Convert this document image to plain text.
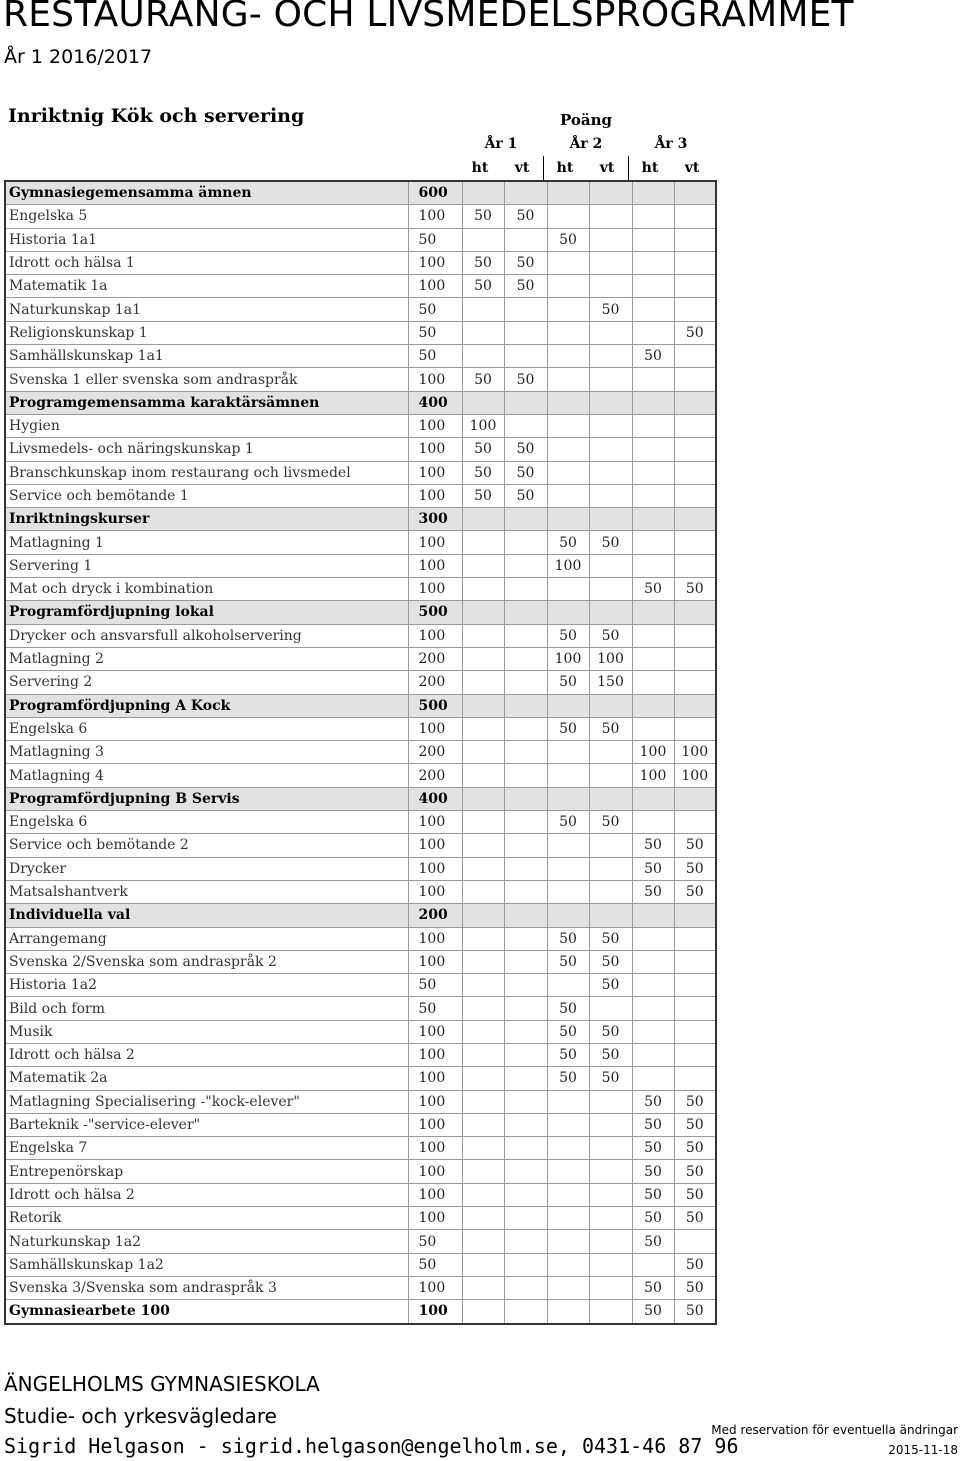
RESTAURANG- OCH LIVSMEDELSPROGRAMMET
År 1 2016/2017
Inriktnig Kök och servering	Poäng
År 1	År 2	År 3
ht vt ht vt ht vt
Gymnasiegemensamma ämnen	600						
Engelska 5	100	50	50				
Historia 1a1	50			50			
Idrott och hälsa 1	100	50	50				
Matematik 1a	100	50	50				
Naturkunskap 1a1	50				50		
Religionskunskap 1	50						50
Samhällskunskap 1a1	50					50	
Svenska 1 eller svenska som andraspråk	100	50	50				
Programgemensamma karaktärsämnen	400						
Hygien	100	100					
Livsmedels- och näringskunskap 1	100	50	50				
Branschkunskap inom restaurang och livsmedel	100	50	50				
Service och bemötande 1	100	50	50				
Inriktningskurser	300						
Matlagning 1	100			50	50		
Servering 1	100			100			
Mat och dryck i kombination	100					50	50
Programfördjupning lokal	500						
Drycker och ansvarsfull alkoholservering	100			50	50		
Matlagning 2	200			100	100		
Servering 2	200			50	150		
Programfördjupning A Kock	500						
Engelska 6	100			50	50		
Matlagning 3	200					100	100
Matlagning 4	200					100	100
Programfördjupning B Servis	400						
Engelska 6	100			50	50		
Service och bemötande 2	100					50	50
Drycker	100					50	50
Matsalshantverk	100					50	50
Individuella val	200						
Arrangemang	100			50	50		
Svenska 2/Svenska som andraspråk 2	100			50	50		
Historia 1a2	50				50		
Bild och form	50			50			
Musik	100			50	50		
Idrott och hälsa 2	100			50	50		
Matematik 2a	100			50	50		
Matlagning Specialisering -"kock-elever"	100					50	50
Barteknik -"service-elever"	100					50	50
Engelska 7	100					50	50
Entrepenörskap	100					50	50
Idrott och hälsa 2	100					50	50
Retorik	100					50	50
Naturkunskap 1a2	50					50	
Samhällskunskap 1a2	50						50
Svenska 3/Svenska som andraspråk 3	100					50	50
Gymnasiearbete 100	100					50	50
ÄNGELHOLMS GYMNASIESKOLA
Studie- och yrkesvägledare
Sigrid Helgason - sigrid.helgason@engelholm.se, 0431-46 87 96
Med reservation för eventuella ändringar
2015-11-18
